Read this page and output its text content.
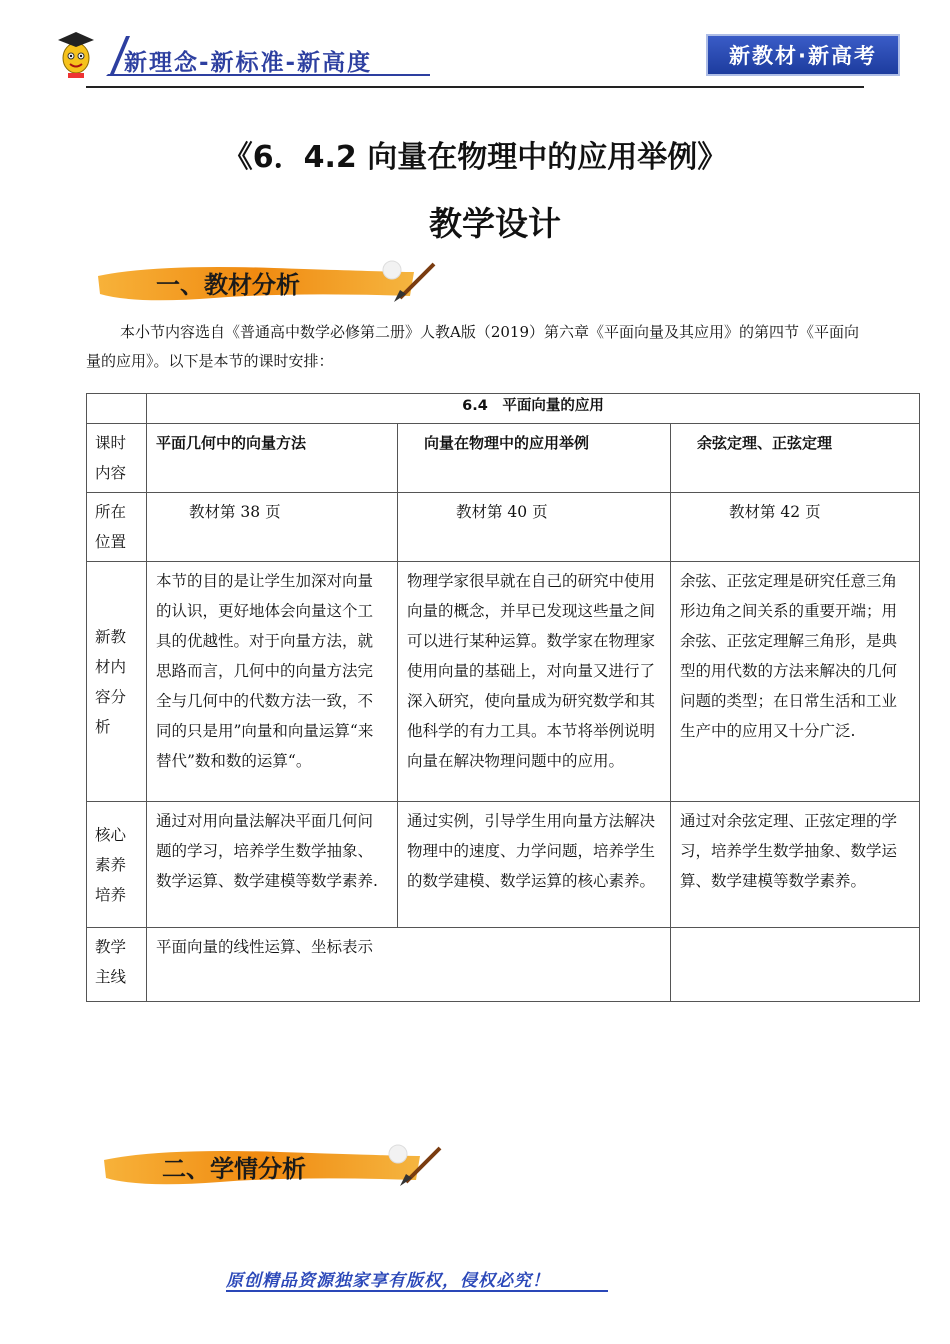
新理念-新标准-新高度	新教材·新高考
《6．4.2 向量在物理中的应用举例》
教学设计
一、教材分析

本小节内容选自《普通高中数学必修第二册》人教A版（2019）第六章《平面向量及其应用》的第四节《平面向量的应用》。以下是本节的课时安排：

	6.4　平面向量的应用		
课时内容	平面几何中的向量方法	向量在物理中的应用举例	余弦定理、正弦定理
所在位置	教材第 38 页	教材第 40 页	教材第 42 页
新教材内容分析	本节的目的是让学生加深对向量的认识，更好地体会向量这个工具的优越性。对于向量方法，就思路而言，几何中的向量方法完全与几何中的代数方法一致，不同的只是用”向量和向量运算“来替代”数和数的运算“。	物理学家很早就在自己的研究中使用向量的概念，并早已发现这些量之间可以进行某种运算。数学家在物理家使用向量的基础上，对向量又进行了深入研究，使向量成为研究数学和其他科学的有力工具。本节将举例说明向量在解决物理问题中的应用。	余弦、正弦定理是研究任意三角形边角之间关系的重要开端；用余弦、正弦定理解三角形，是典型的用代数的方法来解决的几何问题的类型；在日常生活和工业生产中的应用又十分广泛.
核心素养培养	通过对用向量法解决平面几何问题的学习，培养学生数学抽象、数学运算、数学建模等数学素养.	通过实例，引导学生用向量方法解决物理中的速度、力学问题，培养学生的数学建模、数学运算的核心素养。	通过对余弦定理、正弦定理的学习，培养学生数学抽象、数学运算、数学建模等数学素养。
教学主线	平面向量的线性运算、坐标表示		
二、学情分析
原创精品资源独家享有版权，侵权必究！
